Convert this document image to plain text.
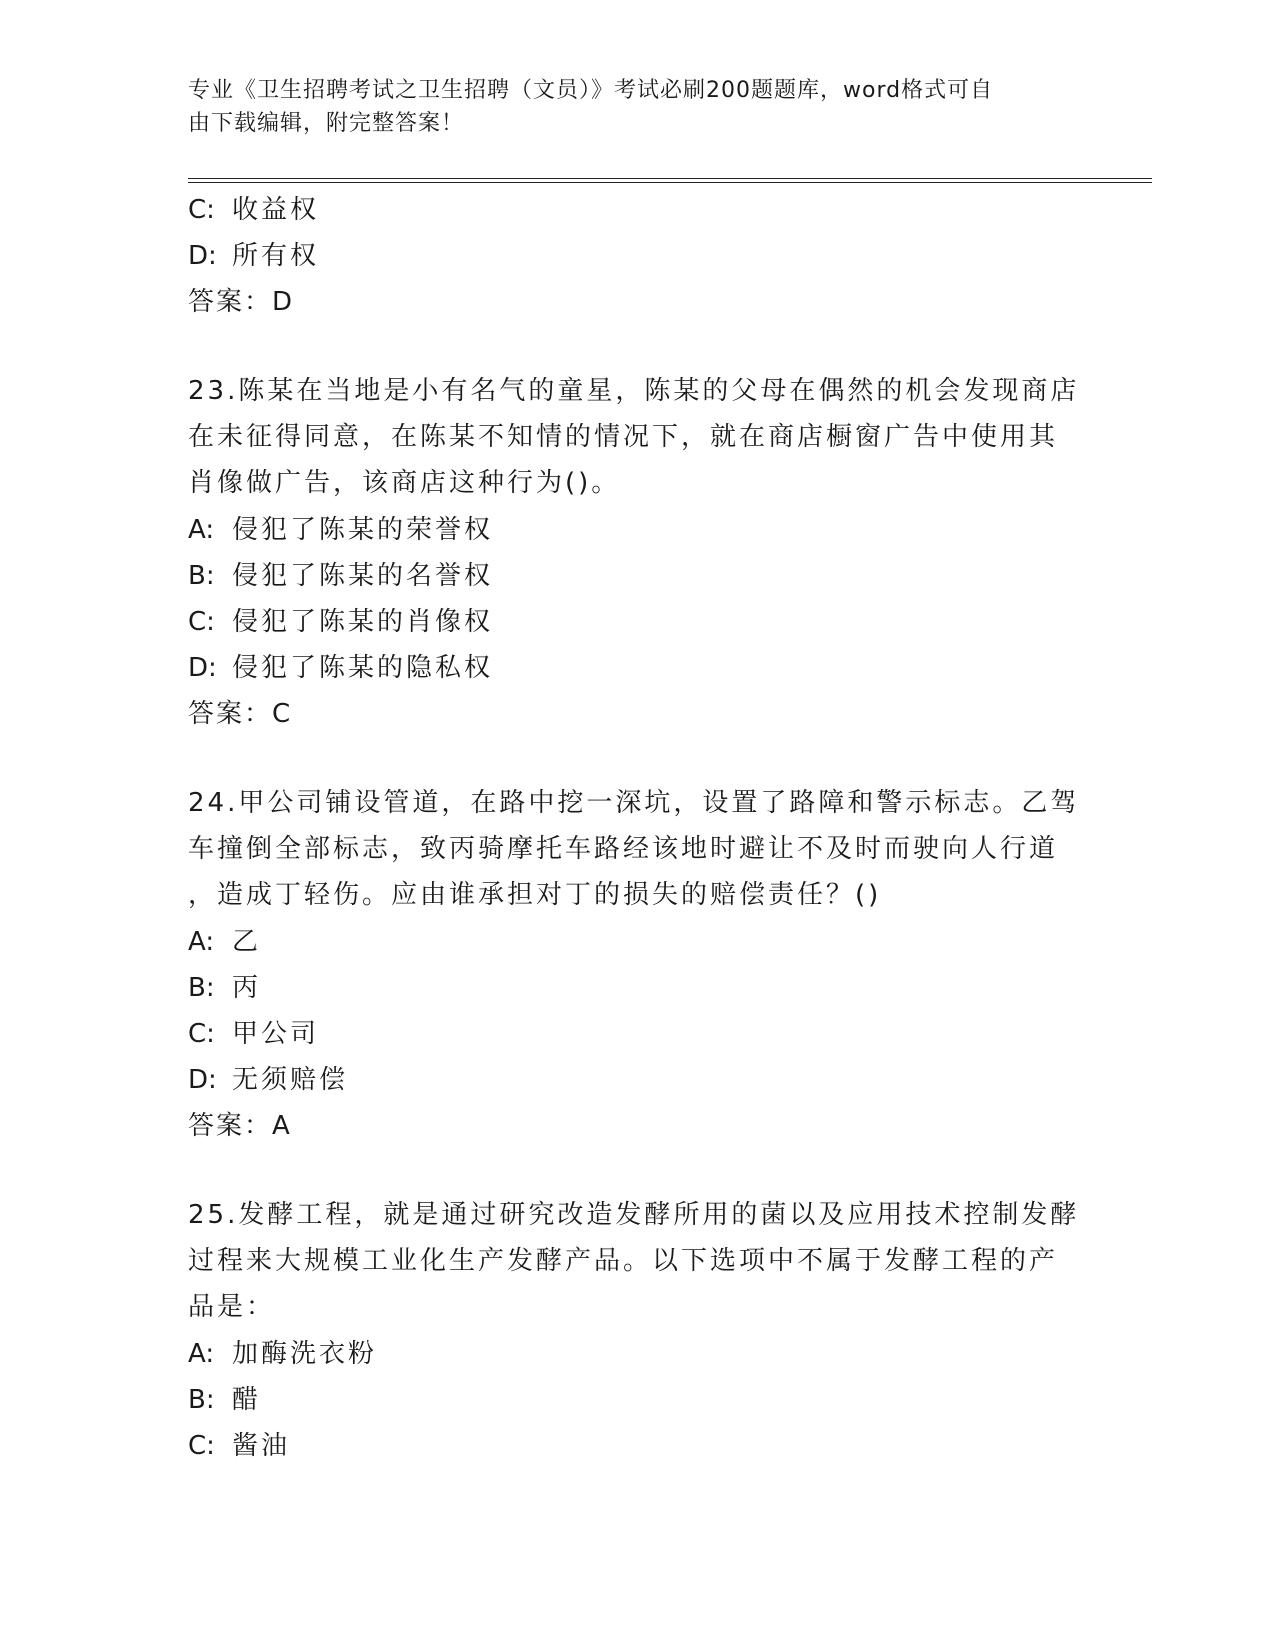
专业《卫生招聘考试之卫生招聘（文员）》考试必刷200题题库，word格式可自
由下载编辑，附完整答案！
C: 收益权
D: 所有权
答案：D
23.陈某在当地是小有名气的童星，陈某的父母在偶然的机会发现商店
在未征得同意，在陈某不知情的情况下，就在商店橱窗广告中使用其
肖像做广告，该商店这种行为()。
A: 侵犯了陈某的荣誉权
B: 侵犯了陈某的名誉权
C: 侵犯了陈某的肖像权
D: 侵犯了陈某的隐私权
答案：C
24.甲公司铺设管道，在路中挖一深坑，设置了路障和警示标志。乙驾
车撞倒全部标志，致丙骑摩托车路经该地时避让不及时而驶向人行道
，造成丁轻伤。应由谁承担对丁的损失的赔偿责任？()
A: 乙
B: 丙
C: 甲公司
D: 无须赔偿
答案：A
25.发酵工程，就是通过研究改造发酵所用的菌以及应用技术控制发酵
过程来大规模工业化生产发酵产品。以下选项中不属于发酵工程的产
品是：
A: 加酶洗衣粉
B: 醋
C: 酱油
